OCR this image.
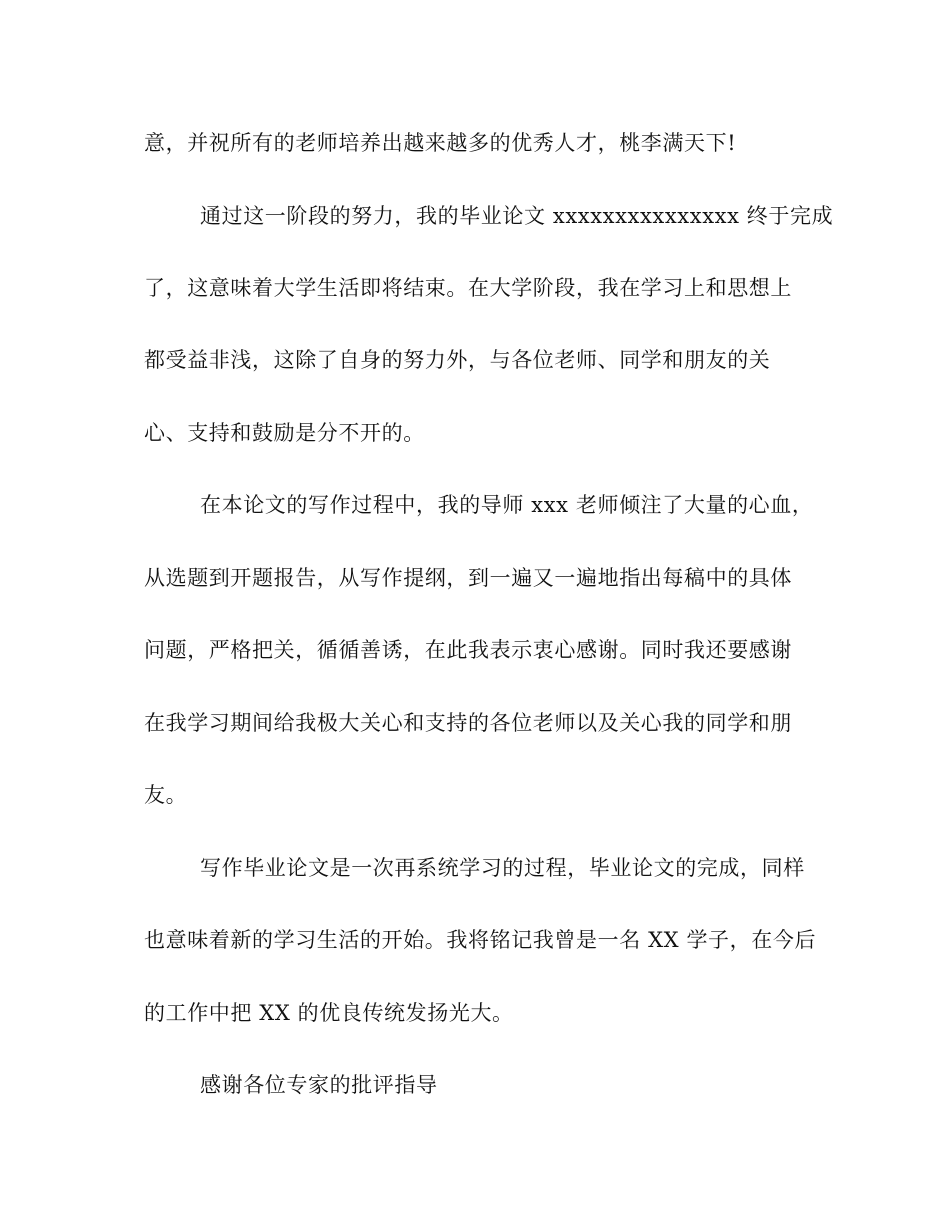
意，并祝所有的老师培养出越来越多的优秀人才，桃李满天下!
通过这一阶段的努力，我的毕业论文 xxxxxxxxxxxxxxx 终于完成
了，这意味着大学生活即将结束。在大学阶段，我在学习上和思想上
都受益非浅，这除了自身的努力外，与各位老师、同学和朋友的关
心、支持和鼓励是分不开的。
在本论文的写作过程中，我的导师 xxx 老师倾注了大量的心血，
从选题到开题报告，从写作提纲，到一遍又一遍地指出每稿中的具体
问题，严格把关，循循善诱，在此我表示衷心感谢。同时我还要感谢
在我学习期间给我极大关心和支持的各位老师以及关心我的同学和朋
友。
写作毕业论文是一次再系统学习的过程，毕业论文的完成，同样
也意味着新的学习生活的开始。我将铭记我曾是一名 XX 学子，在今后
的工作中把 XX 的优良传统发扬光大。
感谢各位专家的批评指导
